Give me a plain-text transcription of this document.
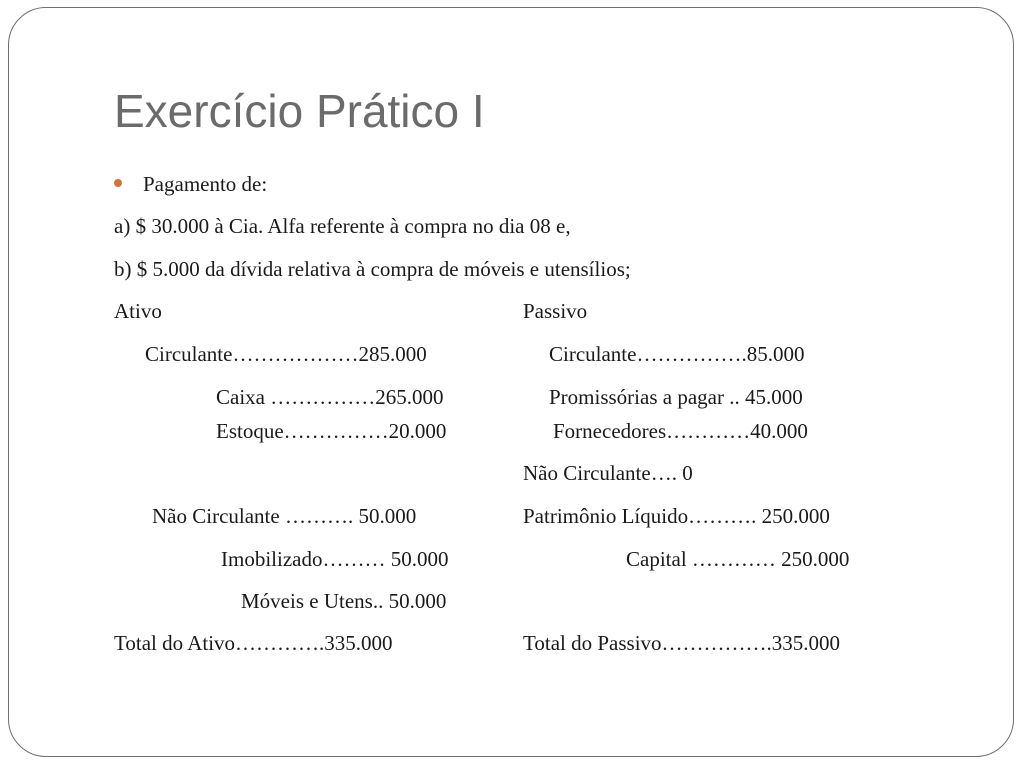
Exercício Prático I
Pagamento de:
a) $ 30.000 à Cia. Alfa referente à compra no dia 08 e,
b) $ 5.000 da dívida relativa à compra de móveis e utensílios;
Ativo
Circulante………………285.000
Caixa ……………265.000
Estoque……………20.000
Não Circulante ………. 50.000
Imobilizado……… 50.000
Móveis e Utens.. 50.000
Total do Ativo………….335.000
Passivo
Circulante…………….85.000
Promissórias a pagar .. 45.000
Fornecedores…………40.000
Não Circulante…. 0
Patrimônio Líquido………. 250.000
Capital ………… 250.000
Total do Passivo…………….335.000
